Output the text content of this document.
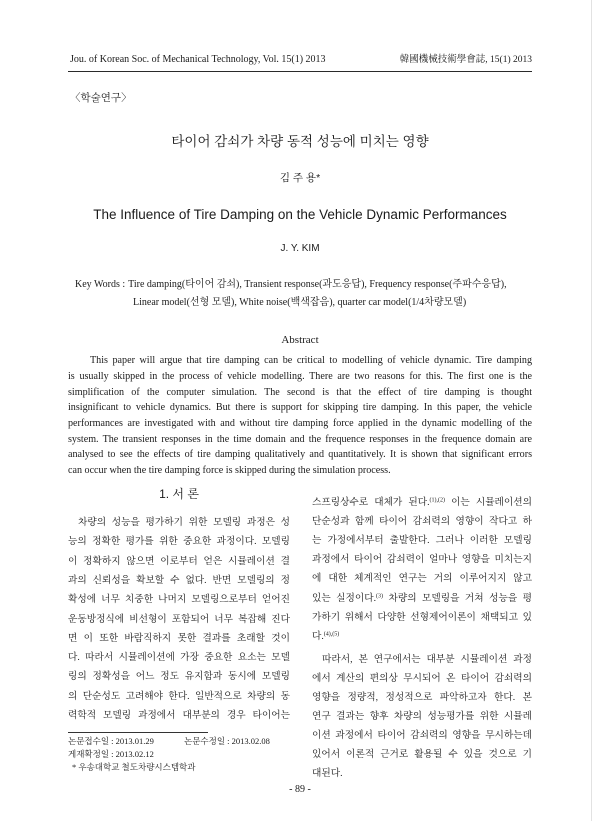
Jou. of Korean Soc. of Mechanical Technology, Vol. 15(1) 2013	韓國機械技術學會誌, 15(1) 2013
〈학술연구〉
타이어 감쇠가 차량 동적 성능에 미치는 영향
김 주 용*
The Influence of Tire Damping on the Vehicle Dynamic Performances
J. Y. KIM
Key Words : Tire damping(타이어 감쇠), Transient response(과도응답), Frequency response(주파수응답),
Linear model(선형 모델), White noise(백색잡음), quarter car model(1/4차량모델)
Abstract
This paper will argue that tire damping can be critical to modelling of vehicle dynamic. Tire damping
is usually skipped in the process of vehicle modelling. There are two reasons for this. The first one is the
simplification of the computer simulation. The second is that the effect of tire damping is thought
insignificant to vehicle dynamics. But there is support for skipping tire damping. In this paper, the vehicle
performances are investigated with and without tire damping force applied in the dynamic modelling of the
system. The transient responses in the time domain and the frequence responses in the frequence domain are
analysed to see the effects of tire damping qualitatively and quantitatively. It is shown that significant errors
can occur when the tire damping force is skipped during the simulation process.
1. 서 론
차량의 성능을 평가하기 위한 모델링 과정은 성
능의 정확한 평가를 위한 중요한 과정이다. 모델링
이 정확하지 않으면 이로부터 얻은 시뮬레이션 결
과의 신뢰성을 확보할 수 없다. 반면 모델링의 정
확성에 너무 치중한 나머지 모델링으로부터 얻어진
운동방정식에 비선형이 포함되어 너무 복잡해 진다
면 이 또한 바람직하지 못한 결과를 초래할 것이
다. 따라서 시뮬레이션에 가장 중요한 요소는 모델
링의 정확성을 어느 정도 유지함과 동시에 모델링
의 단순성도 고려해야 한다. 일반적으로 차량의 동
력학적 모델링 과정에서 대부분의 경우 타이어는
논문접수일 : 2013.01.29	논문수정일 : 2013.02.08
게재확정일 : 2013.02.12
* 우송대학교 철도차량시스템학과
스프링상수로 대체가 된다.$^{(1),(2)}$ 이는 시뮬레이션의
단순성과 함께 타이어 감쇠력의 영향이 작다고 하
는 가정에서부터 출발한다. 그러나 이러한 모델링
과정에서 타이어 감쇠력이 얼마나 영향을 미치는지
에 대한 체계적인 연구는 거의 이루어지지 않고
있는 실정이다.$^{(3)}$ 차량의 모델링을 거쳐 성능을 평
가하기 위해서 다양한 선형제어이론이 채택되고 있
다.$^{(4),(5)}$
따라서, 본 연구에서는 대부분 시뮬레이션 과정
에서 계산의 편의상 무시되어 온 타이어 감쇠력의
영향을 정량적, 정성적으로 파악하고자 한다. 본
연구 결과는 향후 차량의 성능평가를 위한 시뮬레
이션 과정에서 타이어 감쇠력의 영향을 무시하는데
있어서 이론적 근거로 활용될 수 있을 것으로 기
대된다.
- 89 -
